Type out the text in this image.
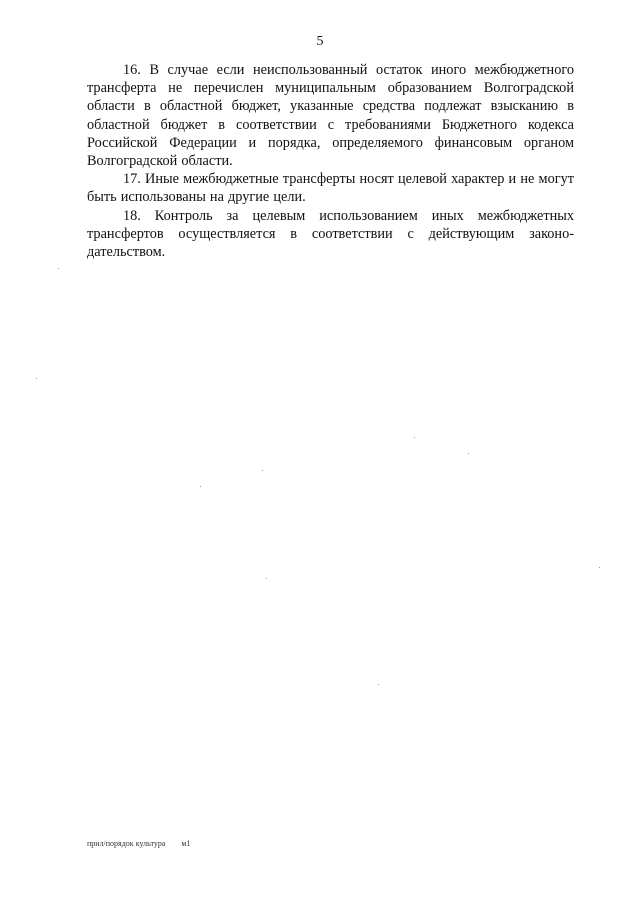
5

16. В случае если неиспользованный остаток иного межбюджетного трансферта не перечислен муниципальным образованием Волгоградской области в областной бюджет, указанные средства подлежат взысканию в областной бюджет в соответствии с требованиями Бюджетного кодекса Российской Федерации и порядка, определяемого финансовым органом Волгоградской области.

17. Иные межбюджетные трансферты носят целевой характер и не могут быть использованы на другие цели.

18. Контроль за целевым использованием иных межбюджетных трансфертов осуществляется в соответствии с действующим законо-дательством.

прил/порядок культура м1
